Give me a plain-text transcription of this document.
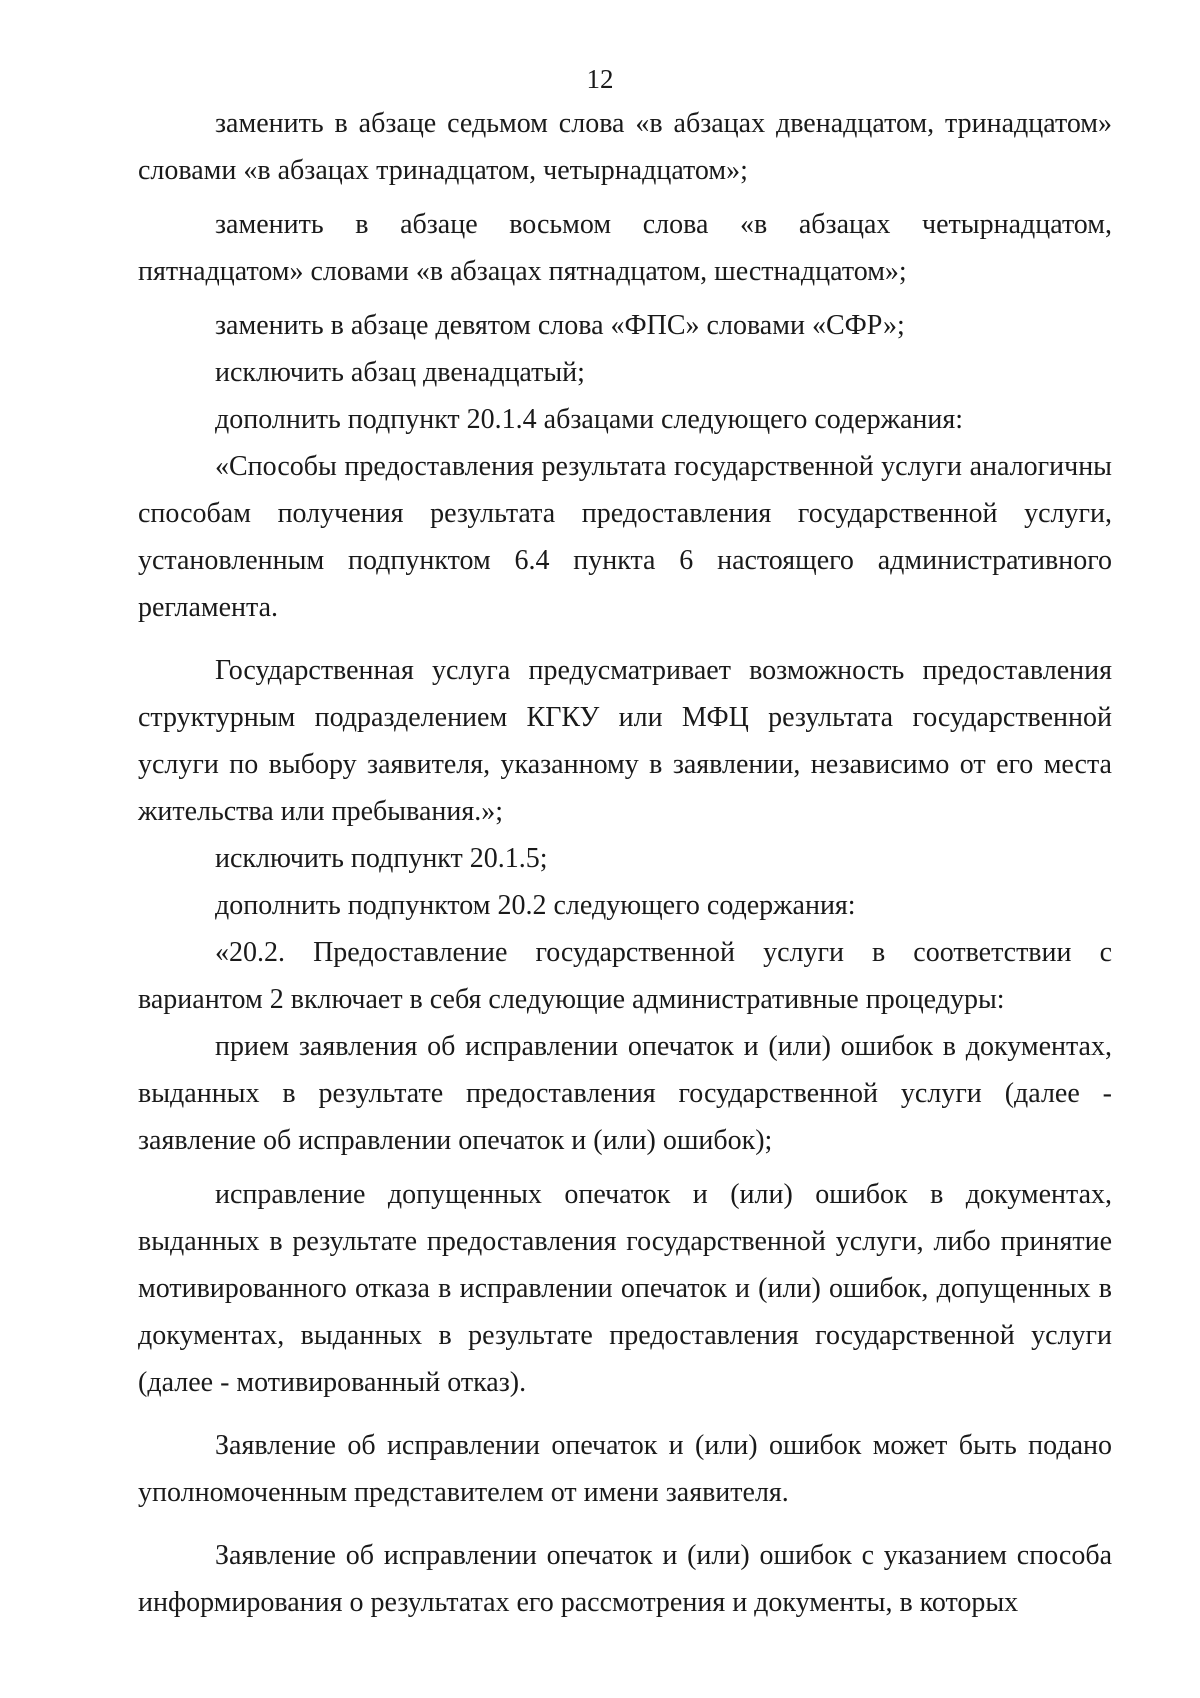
12

заменить в абзаце седьмом слова «в абзацах двенадцатом, тринадцатом» словами «в абзацах тринадцатом, четырнадцатом»;

заменить в абзаце восьмом слова «в абзацах четырнадцатом, пятнадцатом» словами «в абзацах пятнадцатом, шестнадцатом»;

заменить в абзаце девятом слова «ФПС» словами «СФР»;

исключить абзац двенадцатый;

дополнить подпункт 20.1.4 абзацами следующего содержания:

«Способы предоставления результата государственной услуги аналогичны способам получения результата предоставления государственной услуги, установленным подпунктом 6.4 пункта 6 настоящего административного регламента.

Государственная услуга предусматривает возможность предоставления структурным подразделением КГКУ или МФЦ результата государственной услуги по выбору заявителя, указанному в заявлении, независимо от его места жительства или пребывания.»;

исключить подпункт 20.1.5;

дополнить подпунктом 20.2 следующего содержания:

«20.2. Предоставление государственной услуги в соответствии с вариантом 2 включает в себя следующие административные процедуры:

прием заявления об исправлении опечаток и (или) ошибок в документах, выданных в результате предоставления государственной услуги (далее - заявление об исправлении опечаток и (или) ошибок);

исправление допущенных опечаток и (или) ошибок в документах, выданных в результате предоставления государственной услуги, либо принятие мотивированного отказа в исправлении опечаток и (или) ошибок, допущенных в документах, выданных в результате предоставления государственной услуги (далее - мотивированный отказ).

Заявление об исправлении опечаток и (или) ошибок может быть подано уполномоченным представителем от имени заявителя.

Заявление об исправлении опечаток и (или) ошибок с указанием способа информирования о результатах его рассмотрения и документы, в которых
